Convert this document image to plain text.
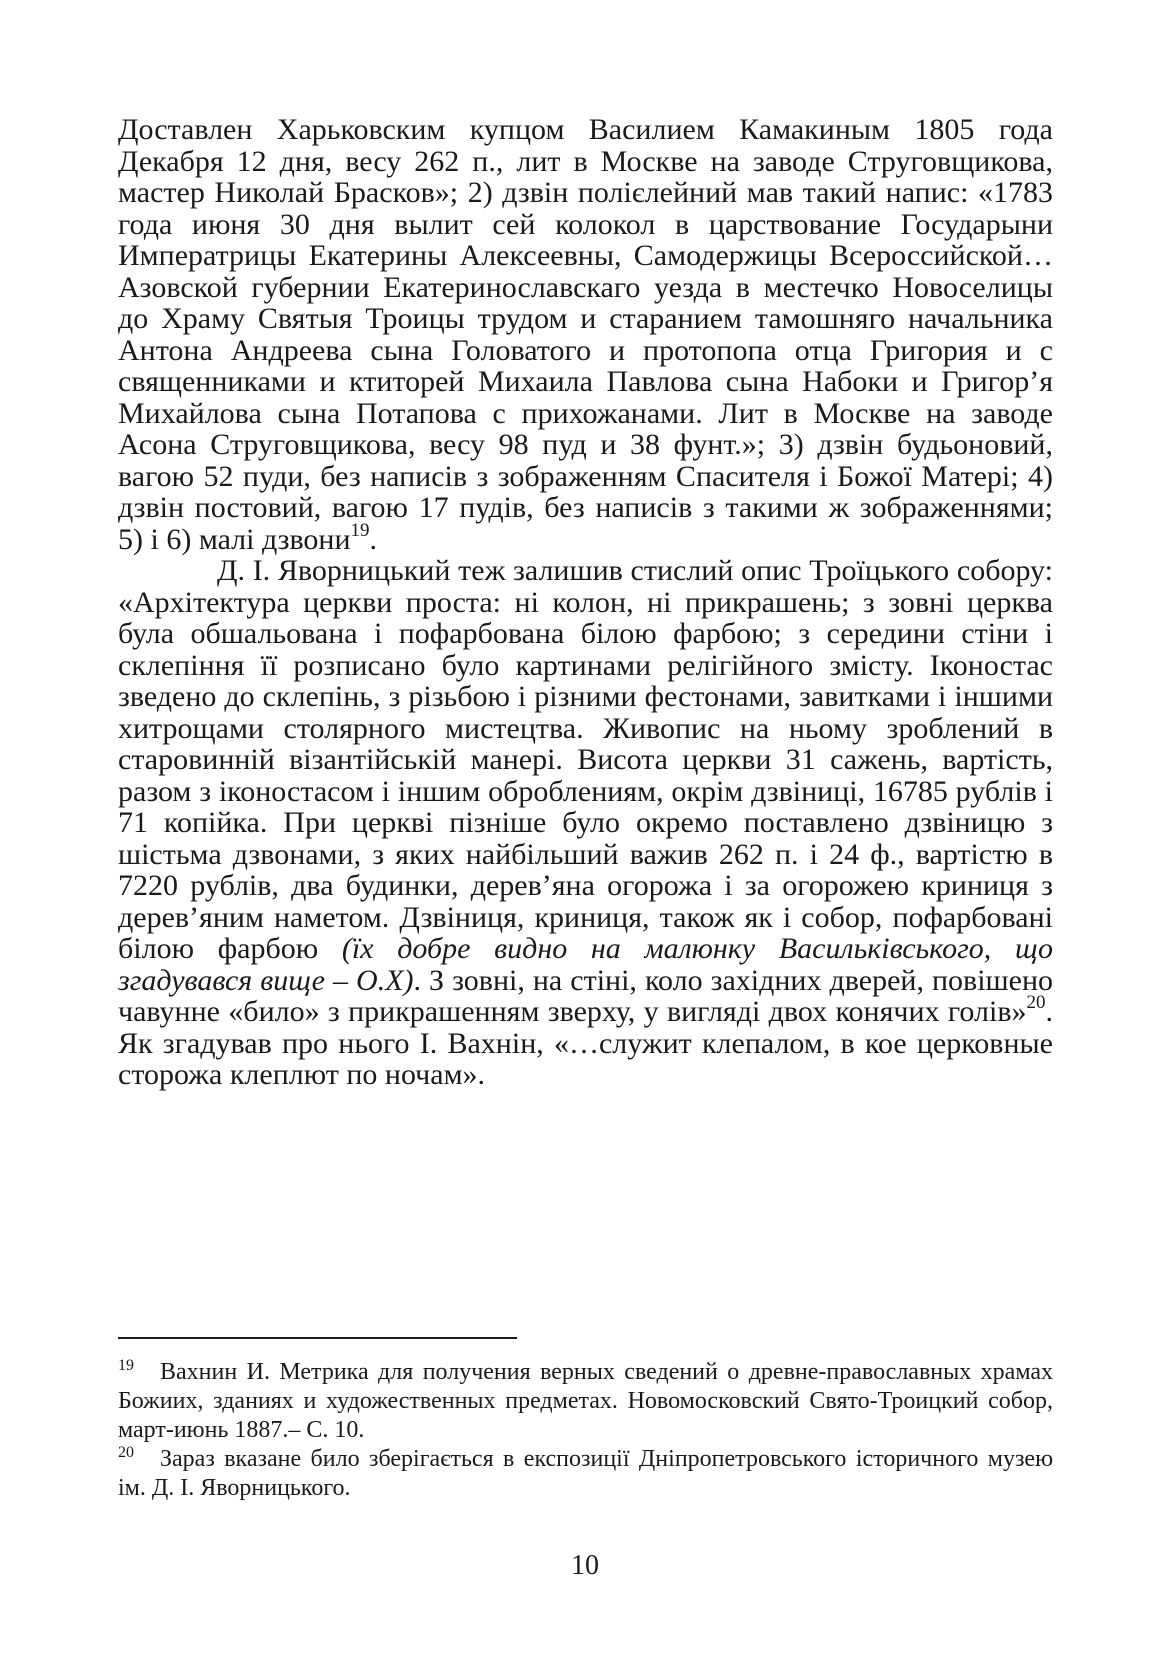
Доставлен Харьковским купцом Василием Камакиным 1805 года Декабря 12 дня, весу 262 п., лит в Москве на заводе Струговщикова, мастер Николай Брасков»; 2) дзвін полієлейний мав такий напис: «1783 года июня 30 дня вылит сей колокол в царствование Государыни Императрицы Екатерины Алексеевны, Самодержицы Всероссийской… Азовской губернии Екатеринославскаго уезда в местечко Новоселицы до Храму Святыя Троицы трудом и старанием тамошняго начальника Антона Андреева сына Головатого и протопопа отца Григория и с священниками и ктиторей Михаила Павлова сына Набоки и Григор’я Михайлова сына Потапова с прихожанами. Лит в Москве на заводе Асона Струговщикова, весу 98 пуд и 38 фунт.»; 3) дзвін будьоновий, вагою 52 пуди, без написів з зображенням Спасителя і Божої Матері; 4) дзвін постовий, вагою 17 пудів, без написів з такими ж зображеннями; 5) і 6) малі дзвони$^{19}$.

Д. І. Яворницький теж залишив стислий опис Троїцького собору: «Архітектура церкви проста: ні колон, ні прикрашень; з зовні церква була обшальована і пофарбована білою фарбою; з середини стіни і склепіння її розписано було картинами релігійного змісту. Іконостас зведено до склепінь, з різьбою і різними фестонами, завитками і іншими хитрощами столярного мистецтва. Живопис на ньому зроблений в старовинній візантійській манері. Висота церкви 31 сажень, вартість, разом з іконостасом і іншим оброблениям, окрім дзвіниці, 16785 рублів і 71 копійка. При церкві пізніше було окремо поставлено дзвіницю з шістьма дзвонами, з яких найбільший важив 262 п. і 24 ф., вартістю в 7220 рублів, два будинки, дерев’яна огорожа і за огорожею криниця з дерев’яним наметом. Дзвіниця, криниця, також як і собор, пофарбовані білою фарбою (їх добре видно на малюнку Васильківського, що згадувався вище – О.Х). З зовні, на стіні, коло західних дверей, повішено чавунне «било» з прикрашенням зверху, у вигляді двох конячих голів»$^{20}$. Як згадував про нього І. Вахнін, «…служит клепалом, в кое церковные сторожа клеплют по ночам».

19 Вахнин И. Метрика для получения верных сведений о древне-православных храмах Божиих, зданиях и художественных предметах. Новомосковский Свято-Троицкий собор, март-июнь 1887.– С. 10.

20 Зараз вказане било зберігається в експозиції Дніпропетровського історичного музею ім. Д. І. Яворницького.

10
